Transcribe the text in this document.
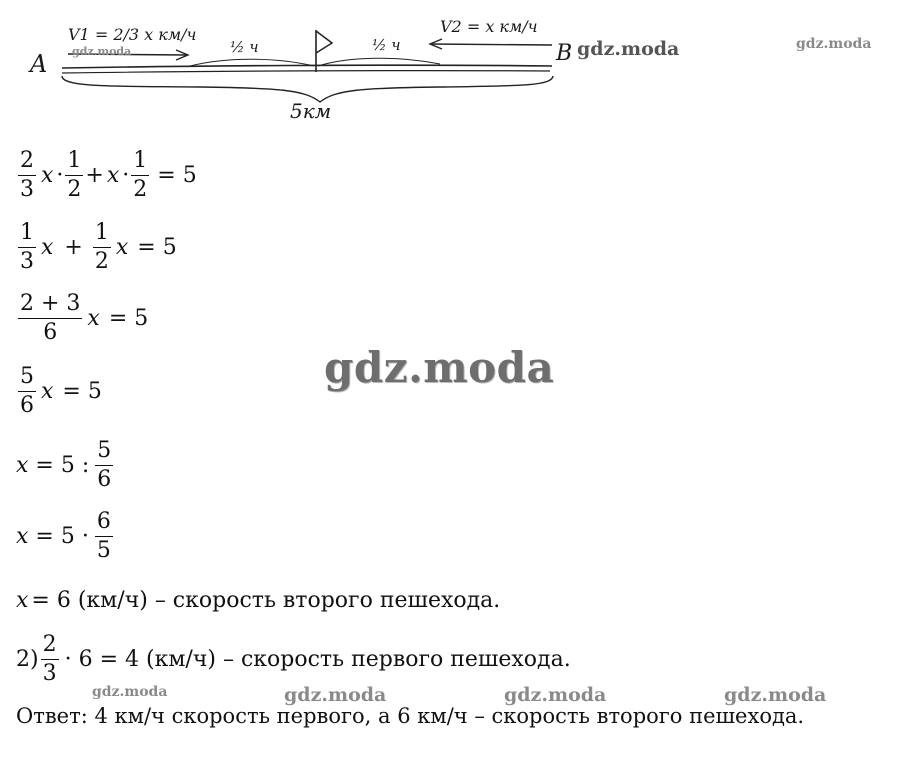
A	B
V1 = 2/3 x км/ч	V2 = x км/ч
½ ч	½ ч
5км
gdz.moda	gdz.moda	gdz.moda
gdz.moda
gdz.moda	gdz.moda	gdz.moda	gdz.moda
$\frac{2}{3}$ $x \cdot \frac{1}{2} + x \cdot \frac{1}{2} = 5$
$\frac{1}{3}$ $x + \frac{1}{2}$ x = 5
$\frac{2 + 3}{6}$ x = 5
$\frac{5}{6}$ x = 5
x = 5 : $\frac{5}{6}$
$x = 5 \cdot \frac{6}{5}$
x = 6 (км/ч) – скорость второго пешехода.
$2) \frac{2}{3} \cdot 6 = 4$ (км/ч) – скорость первого пешехода.
Ответ: 4 км/ч скорость первого, а 6 км/ч – скорость второго пешехода.
